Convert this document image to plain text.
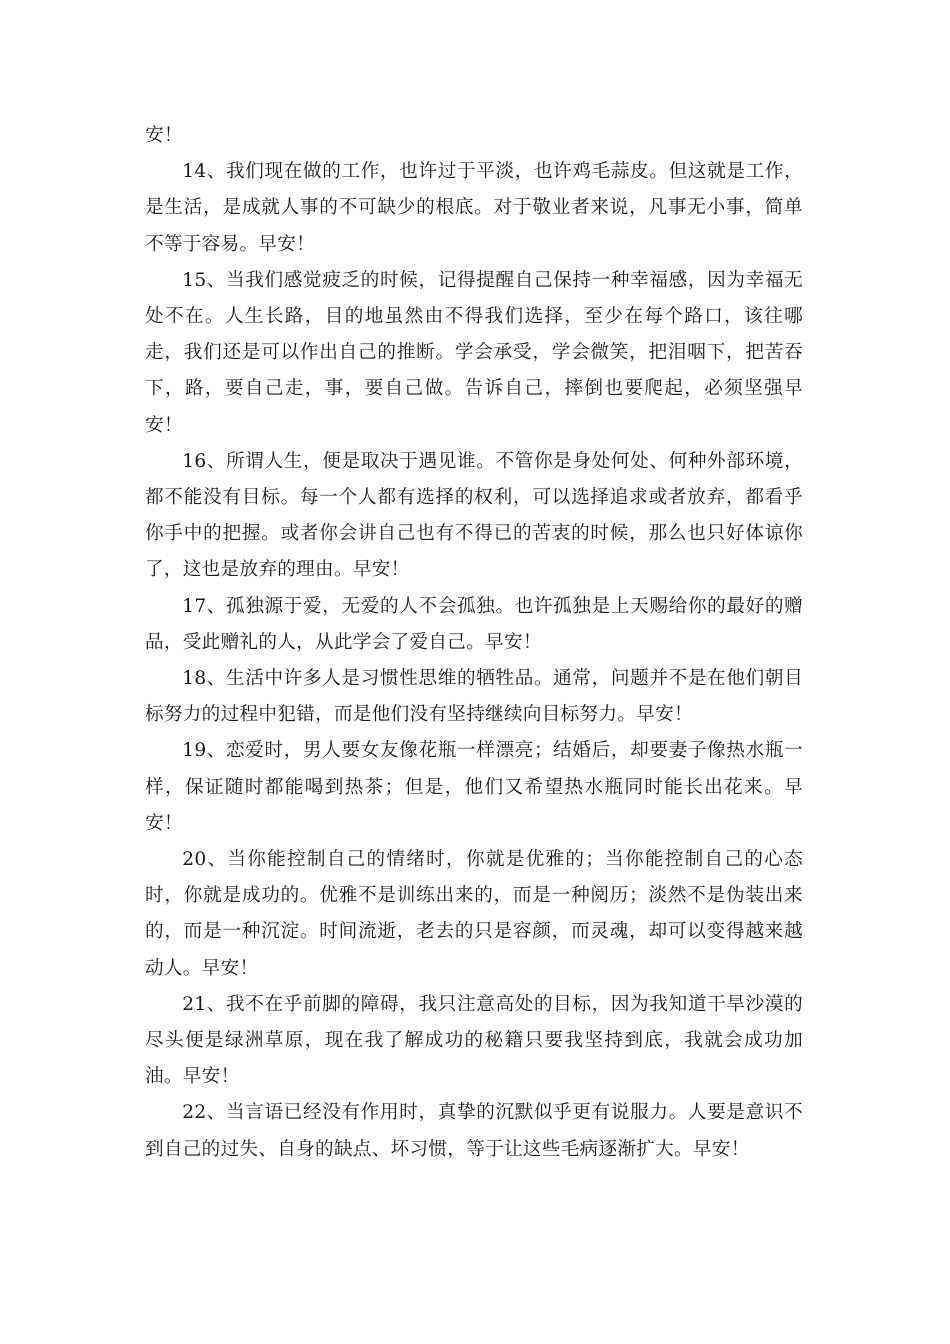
安！

14、我们现在做的工作，也许过于平淡，也许鸡毛蒜皮。但这就是工作，是生活，是成就人事的不可缺少的根底。对于敬业者来说，凡事无小事，简单不等于容易。早安！

15、当我们感觉疲乏的时候，记得提醒自己保持一种幸福感，因为幸福无处不在。人生长路，目的地虽然由不得我们选择，至少在每个路口，该往哪走，我们还是可以作出自己的推断。学会承受，学会微笑，把泪咽下，把苦吞下，路，要自己走，事，要自己做。告诉自己，摔倒也要爬起，必须坚强早安！

16、所谓人生，便是取决于遇见谁。不管你是身处何处、何种外部环境，都不能没有目标。每一个人都有选择的权利，可以选择追求或者放弃，都看乎你手中的把握。或者你会讲自己也有不得已的苦衷的时候，那么也只好体谅你了，这也是放弃的理由。早安！

17、孤独源于爱，无爱的人不会孤独。也许孤独是上天赐给你的最好的赠品，受此赠礼的人，从此学会了爱自己。早安！

18、生活中许多人是习惯性思维的牺牲品。通常，问题并不是在他们朝目标努力的过程中犯错，而是他们没有坚持继续向目标努力。早安！

19、恋爱时，男人要女友像花瓶一样漂亮；结婚后，却要妻子像热水瓶一样，保证随时都能喝到热茶；但是，他们又希望热水瓶同时能长出花来。早安！

20、当你能控制自己的情绪时，你就是优雅的；当你能控制自己的心态时，你就是成功的。优雅不是训练出来的，而是一种阅历；淡然不是伪装出来的，而是一种沉淀。时间流逝，老去的只是容颜，而灵魂，却可以变得越来越动人。早安！

21、我不在乎前脚的障碍，我只注意高处的目标，因为我知道干旱沙漠的尽头便是绿洲草原，现在我了解成功的秘籍只要我坚持到底，我就会成功加油。早安！

22、当言语已经没有作用时，真挚的沉默似乎更有说服力。人要是意识不到自己的过失、自身的缺点、坏习惯，等于让这些毛病逐渐扩大。早安！
